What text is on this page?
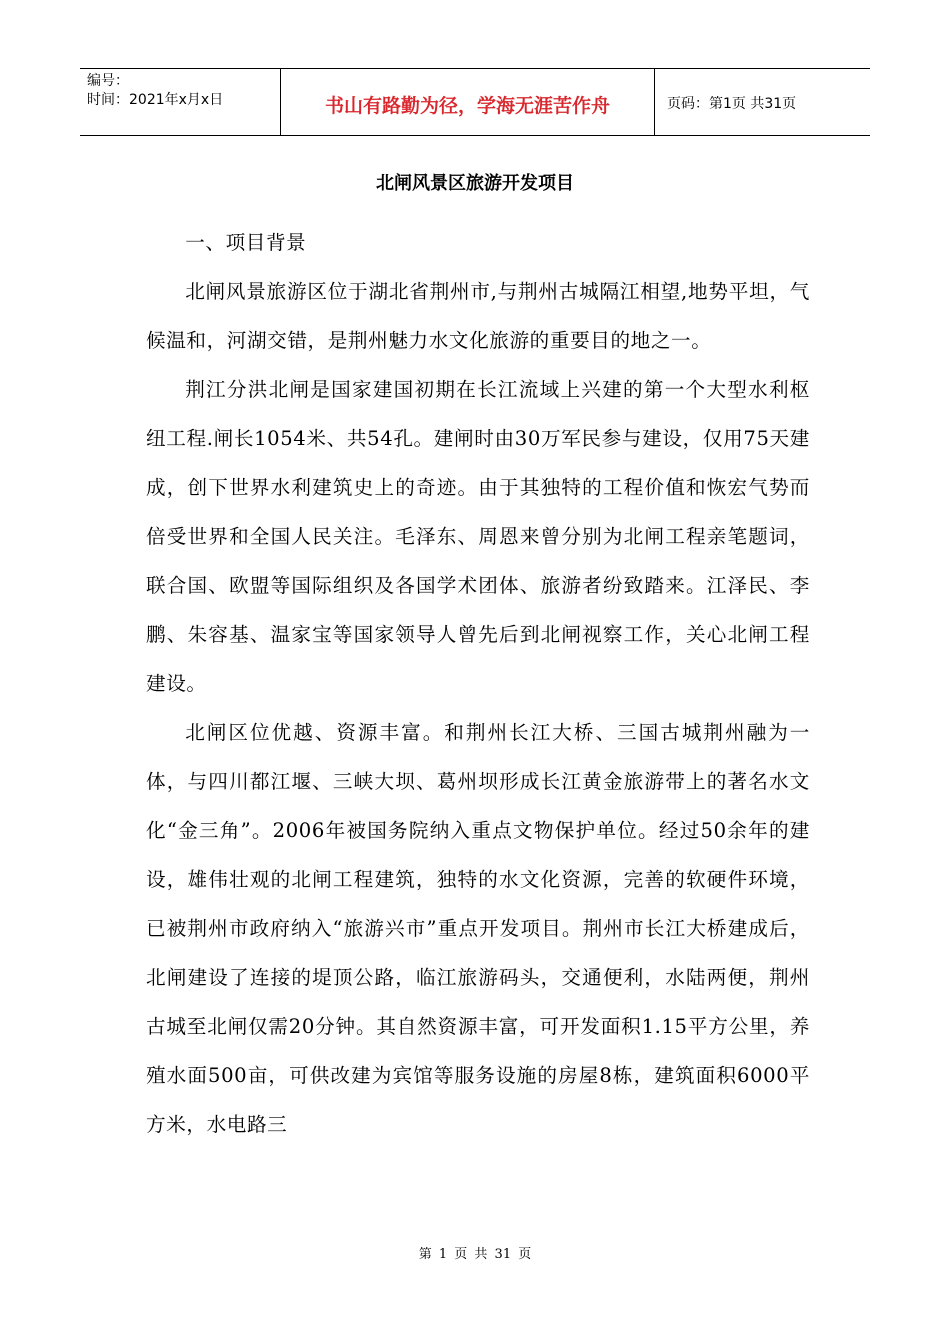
编号：
时间：2021年x月x日	书山有路勤为径，学海无涯苦作舟	页码：第1页 共31页
北闸风景区旅游开发项目

一、项目背景

北闸风景旅游区位于湖北省荆州市,与荆州古城隔江相望,地势平坦，气候温和，河湖交错，是荆州魅力水文化旅游的重要目的地之一。

荆江分洪北闸是国家建国初期在长江流域上兴建的第一个大型水利枢纽工程.闸长1054米、共54孔。建闸时由30万军民参与建设，仅用75天建成，创下世界水利建筑史上的奇迹。由于其独特的工程价值和恢宏气势而倍受世界和全国人民关注。毛泽东、周恩来曾分别为北闸工程亲笔题词，联合国、欧盟等国际组织及各国学术团体、旅游者纷致踏来。江泽民、李鹏、朱容基、温家宝等国家领导人曾先后到北闸视察工作，关心北闸工程建设。

北闸区位优越、资源丰富。和荆州长江大桥、三国古城荆州融为一体，与四川都江堰、三峡大坝、葛州坝形成长江黄金旅游带上的著名水文化“金三角”。2006年被国务院纳入重点文物保护单位。经过50余年的建设，雄伟壮观的北闸工程建筑，独特的水文化资源，完善的软硬件环境，已被荆州市政府纳入“旅游兴市”重点开发项目。荆州市长江大桥建成后，北闸建设了连接的堤顶公路，临江旅游码头，交通便利，水陆两便，荆州古城至北闸仅需20分钟。其自然资源丰富，可开发面积1.15平方公里，养殖水面500亩，可供改建为宾馆等服务设施的房屋8栋，建筑面积6000平方米，水电路三

第 1 页 共 31 页
